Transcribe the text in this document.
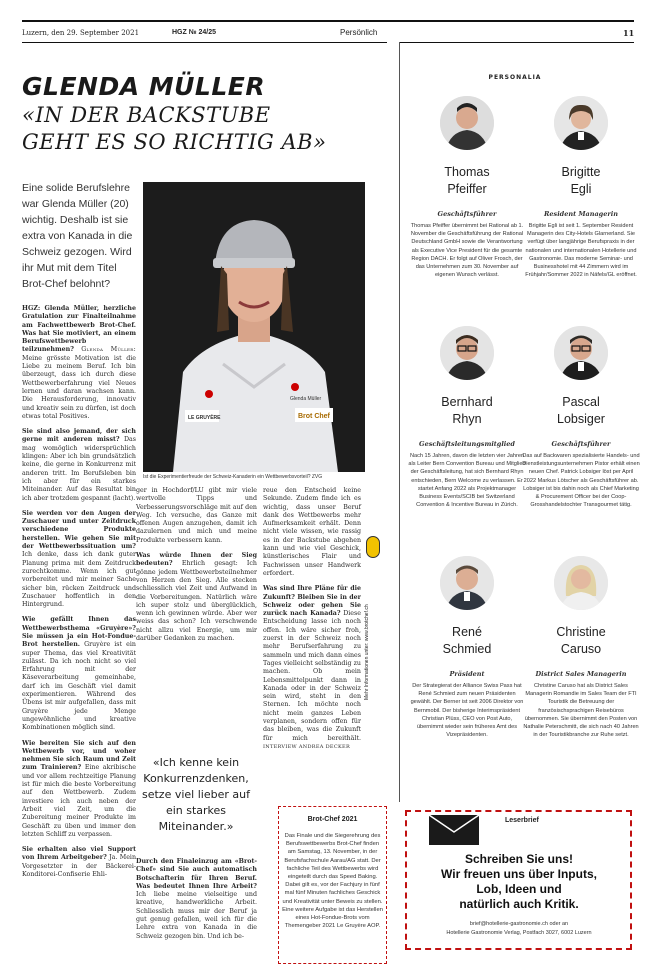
Luzern, den 29. September 2021	HGZ № 24/25	Persönlich	11
GLENDA MÜLLER
«IN DER BACKSTUBE
GEHT ES SO RICHTIG AB»
Eine solide Berufslehre war Glenda Müller (20) wichtig. Deshalb ist sie extra von Kanada in die Schweiz gezogen. Wird ihr Mut mit dem Titel Brot-Chef belohnt?
Glenda Müller
Brot Chef
LE GRUYÈRE
Ist die Experimentierfreude der Schweiz-Kanaderin ein Wettbewerbsvorteil? ZVG

HGZ: Glenda Müller, herzliche Gratulation zur Finalteilnahme am Fachwettbewerb Brot-Chef. Was hat Sie motiviert, an einem Berufswettbewerb teilzunehmen? Glenda Müller: Meine grösste Motivation ist die Liebe zu meinem Beruf. Ich bin überzeugt, dass ich durch diese Wettbewerberfahrung viel Neues lernen und daran wachsen kann. Die Herausforderung, innovativ und kreativ sein zu dürfen, ist doch etwas total Positives.

Sie sind also jemand, der sich gerne mit anderen misst? Das mag womöglich widersprüchlich klingen: Aber ich bin grundsätzlich keine, die gerne in Konkurrenz mit anderen tritt. Im Berufsleben bin ich aber für ein starkes Miteinander. Auf das Resultat bin ich aber trotzdem gespannt (lacht).

Sie werden vor den Augen der Zuschauer und unter Zeitdruck verschiedene Produkte herstellen. Wie gehen Sie mit der Wettbewerbssituation um? Ich denke, dass ich dank guter Planung prima mit dem Zeitdruck zurechtkomme. Wenn ich gut vorbereitet und mir meiner Sache sicher bin, rücken Zeitdruck und Zuschauer hoffentlich in den Hintergrund.

Wie gefällt Ihnen das Wettbewerbsthema «Gruyère»? Sie müssen ja ein Hot-Fondue-Brot herstellen. Gruyère ist ein super Thema, das viel Kreativität zulässt. Da ich noch nicht so viel Erfahrung mit der Käseverarbeitung gemeinhabe, darf ich im Geschäft viel damit experimentieren. Während des Übens ist mir aufgefallen, dass mit Gruyère jede Menge ungewöhnliche und kreative Kombinationen möglich sind.

Wie bereiten Sie sich auf den Wettbewerb vor, und woher nehmen Sie sich Raum und Zeit zum Trainieren? Eine akribische und vor allem rechtzeitige Planung ist für mich die beste Vorbereitung auf den Wettbewerb. Zudem investiere ich auch neben der Arbeit viel Zeit, um die Zubereitung meiner Produkte im Geschäft zu üben und immer den letzten Schliff zu verpassen.

Sie erhalten also viel Support von Ihrem Arbeitgeber? Ja. Mein Vorgesetzter in der Bäckerei-Konditorei-Confiserie Ehli-

ger in Hochdorf/LU gibt mir viele wertvolle Tipps und Verbesserungsvorschläge mit auf den Weg. Ich versuche, das Ganze mit offenen Augen anzugehen, damit ich dazulernen und mich und meine Produkte verbessern kann.

Was würde Ihnen der Sieg bedeuten? Ehrlich gesagt: Ich gönne jedem Wettbewerbsteilnehmer von Herzen den Sieg. Alle stecken schliesslich viel Zeit und Aufwand in die Vorbereitungen. Natürlich wäre ich super stolz und überglücklich, wenn ich gewinnen würde. Aber wer weiss das schon? Ich verschwende nicht allzu viel Energie, um mir darüber Gedanken zu machen.

«Ich kenne kein Konkurrenzdenken, setze viel lieber auf ein starkes Miteinander.»

Durch den Finaleinzug am «Brot-Chef» sind Sie auch automatisch Botschafterin für Ihren Beruf. Was bedeutet Ihnen Ihre Arbeit? Ich liebe meine vielseitige und kreative, handwerkliche Arbeit. Schliesslich muss mir der Beruf ja gut genug gefallen, weil ich für die Lehre extra von Kanada in die Schweiz gezogen bin. Und ich be-

reue den Entscheid keine Sekunde. Zudem finde ich es wichtig, dass unser Beruf dank des Wettbewerbs mehr Aufmerksamkeit erhält. Denn nicht viele wissen, wie rassig es in der Backstube abgehen kann und wie viel Geschick, künstlerisches Flair und Fachwissen unser Handwerk erfordert.

Was sind Ihre Pläne für die Zukunft? Bleiben Sie in der Schweiz oder gehen Sie zurück nach Kanada? Diese Entscheidung lasse ich noch offen. Ich wäre sicher froh, zuerst in der Schweiz noch mehr Berufserfahrung zu sammeln und mich dann eines Tages vielleicht selbständig zu machen. Ob mein Lebensmittelpunkt dann in Kanada oder in der Schweiz sein wird, steht in den Sternen. Ich möchte noch nicht mein ganzes Leben verplanen, sondern offen für das bleiben, was die Zukunft für mich bereithält. INTERVIEW ANDREA DECKER

Mehr Informationen unter: www.brotchef.ch
Brot-Chef 2021
Das Finale und die Siegerehrung des Berufswettbewerbs Brot-Chef finden am Samstag, 13. November, in der Berufsfachschule Aarau/AG statt. Der fachliche Teil des Wettbewerbs wird eingeteilt durch das Speed Baking. Dabei gilt es, vor der Fachjury in fünf mal fünf Minuten fachliches Geschick und Kreativität unter Beweis zu stellen. Eine weitere Aufgabe ist das Herstellen eines Hot-Fondue-Brots vom Themengeber 2021 Le Gruyère AOP.
PERSONALIA
Thomas
Pfeiffer
Geschäftsführer
Thomas Pfeiffer übernimmt bei Rational ab 1. November die Geschäftsführung der Rational Deutschland GmbH sowie die Verantwortung als Executive Vice President für die gesamte Region DACH. Er folgt auf Oliver Frosch, der das Unternehmen zum 30. November auf eigenen Wunsch verlässt.
Brigitte
Egli
Resident Managerin
Brigitte Egli ist seit 1. September Resident Managerin des City-Hotels Glarnerland. Sie verfügt über langjährige Berufspraxis in der nationalen und internationalen Hotellerie und Gastronomie. Das moderne Seminar- und Businesshotel mit 44 Zimmern wird im Frühjahr/Sommer 2022 in Näfels/GL eröffnet.
Bernhard
Rhyn
Geschäftsleitungsmitglied
Nach 15 Jahren, davon die letzten vier Jahren als Leiter Bern Convention Bureau und Mitglied der Geschäftsleitung, hat sich Bernhard Rhyn entschieden, Bern Welcome zu verlassen. Er startet Anfang 2022 als Projektmanager Business Events/SCIB bei Switzerland Convention & Incentive Bureau in Zürich.
Pascal
Lobsiger
Geschäftsführer
Das auf Backwaren spezialisierte Handels- und Dienstleistungsunternehmen Pistor erhält einen neuen Chef. Patrick Lobsiger löst per April 2022 Markus Lötscher als Geschäftsführer ab. Lobsiger ist bis dahin noch als Chief Marketing & Procurement Officer bei der Coop-Grosshandelstochter Transgourmet tätig.
René
Schmied
Präsident
Der Strategierat der Alliance Swiss Pass hat René Schmied zum neuen Präsidenten gewählt. Der Berner ist seit 2006 Direktor von Bernmobil. Der bisherige Interimspräsident Christian Plüss, CEO von Post Auto, übernimmt wieder sein früheres Amt des Vizepräsidenten.
Christine
Caruso
District Sales Managerin
Christine Caruso hat als District Sales Managerin Romandie im Sales Team der FTI Touristik die Betreuung der französischsprachigen Reisebüros übernommen. Sie übernimmt den Posten von Nathalie Peterschmitt, die sich nach 40 Jahren in der Touristikbranche zur Ruhe setzt.
Leserbrief
Schreiben Sie uns!
Wir freuen uns über Inputs,
Lob, Ideen und
natürlich auch Kritik.
brief@hotellerie-gastronomie.ch oder an
Hotellerie Gastronomie Verlag, Postfach 3027, 6002 Luzern
